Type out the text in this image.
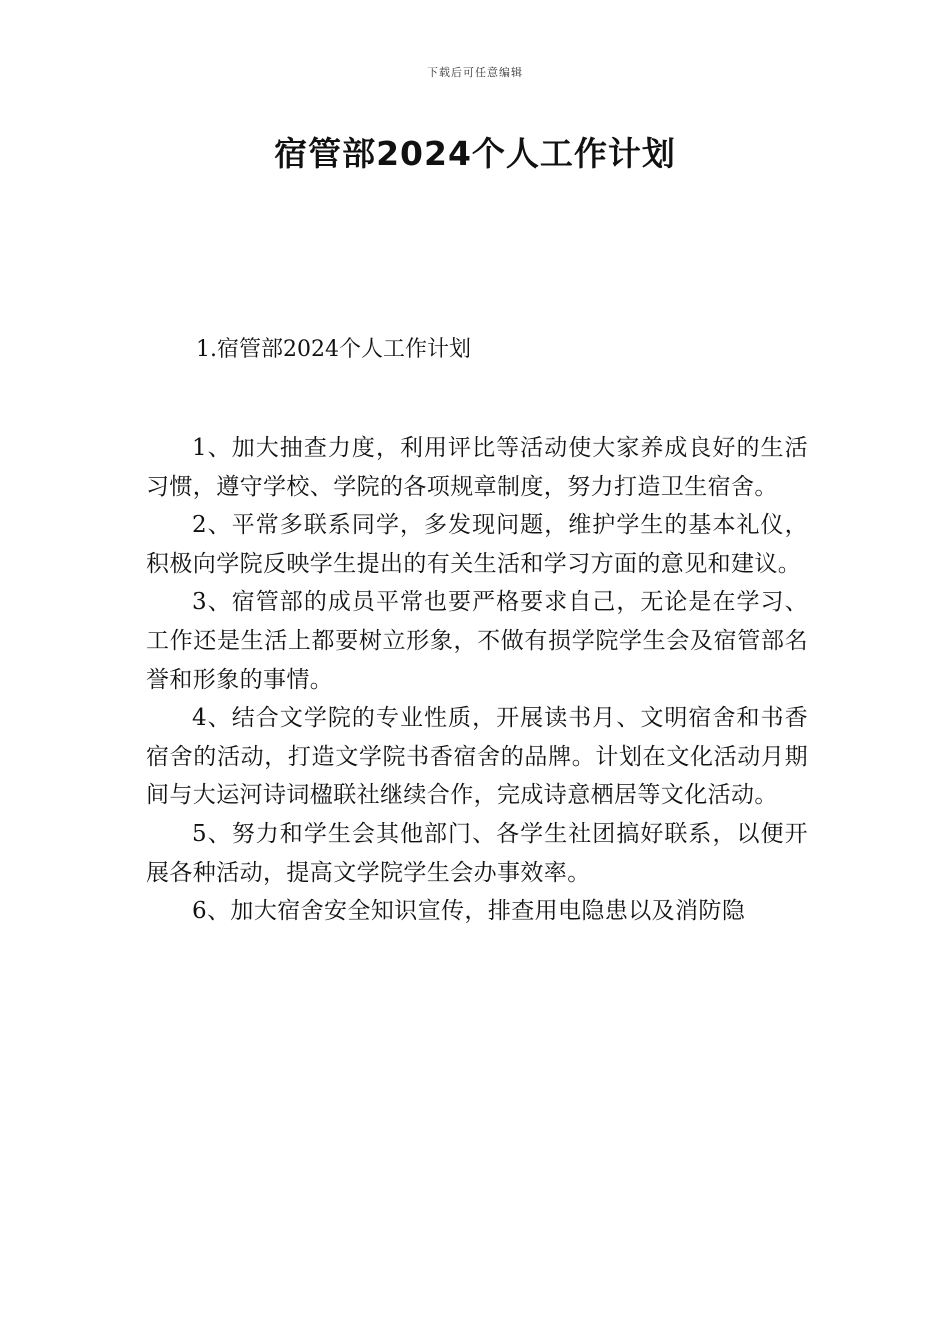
下载后可任意编辑
宿管部2024个人工作计划
1.宿管部2024个人工作计划

1、加大抽查力度，利用评比等活动使大家养成良好的生活习惯，遵守学校、学院的各项规章制度，努力打造卫生宿舍。

2、平常多联系同学，多发现问题，维护学生的基本礼仪，积极向学院反映学生提出的有关生活和学习方面的意见和建议。

3、宿管部的成员平常也要严格要求自己，无论是在学习、工作还是生活上都要树立形象，不做有损学院学生会及宿管部名誉和形象的事情。

4、结合文学院的专业性质，开展读书月、文明宿舍和书香宿舍的活动，打造文学院书香宿舍的品牌。计划在文化活动月期间与大运河诗词楹联社继续合作，完成诗意栖居等文化活动。

5、努力和学生会其他部门、各学生社团搞好联系，以便开展各种活动，提高文学院学生会办事效率。

6、加大宿舍安全知识宣传，排查用电隐患以及消防隐
